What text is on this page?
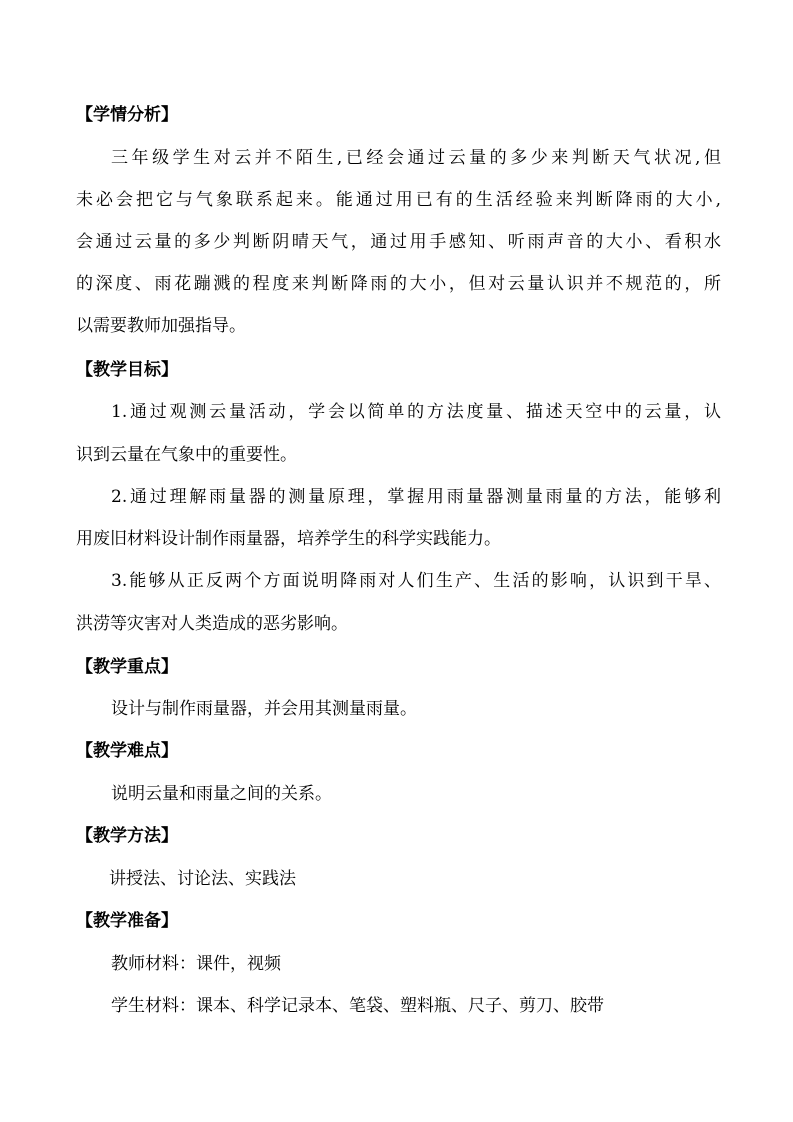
【学情分析】
三年级学生对云并不陌生,已经会通过云量的多少来判断天气状况,但
未必会把它与气象联系起来。能通过用已有的生活经验来判断降雨的大小,
会通过云量的多少判断阴晴天气，通过用手感知、听雨声音的大小、看积水
的深度、雨花蹦溅的程度来判断降雨的大小，但对云量认识并不规范的，所
以需要教师加强指导。
【教学目标】
1.通过观测云量活动，学会以简单的方法度量、描述天空中的云量，认
识到云量在气象中的重要性。
2.通过理解雨量器的测量原理，掌握用雨量器测量雨量的方法，能够利
用废旧材料设计制作雨量器，培养学生的科学实践能力。
3.能够从正反两个方面说明降雨对人们生产、生活的影响，认识到干旱、
洪涝等灾害对人类造成的恶劣影响。
【教学重点】
设计与制作雨量器，并会用其测量雨量。
【教学难点】
说明云量和雨量之间的关系。
【教学方法】
讲授法、讨论法、实践法
【教学准备】
教师材料：课件，视频
学生材料：课本、科学记录本、笔袋、塑料瓶、尺子、剪刀、胶带
